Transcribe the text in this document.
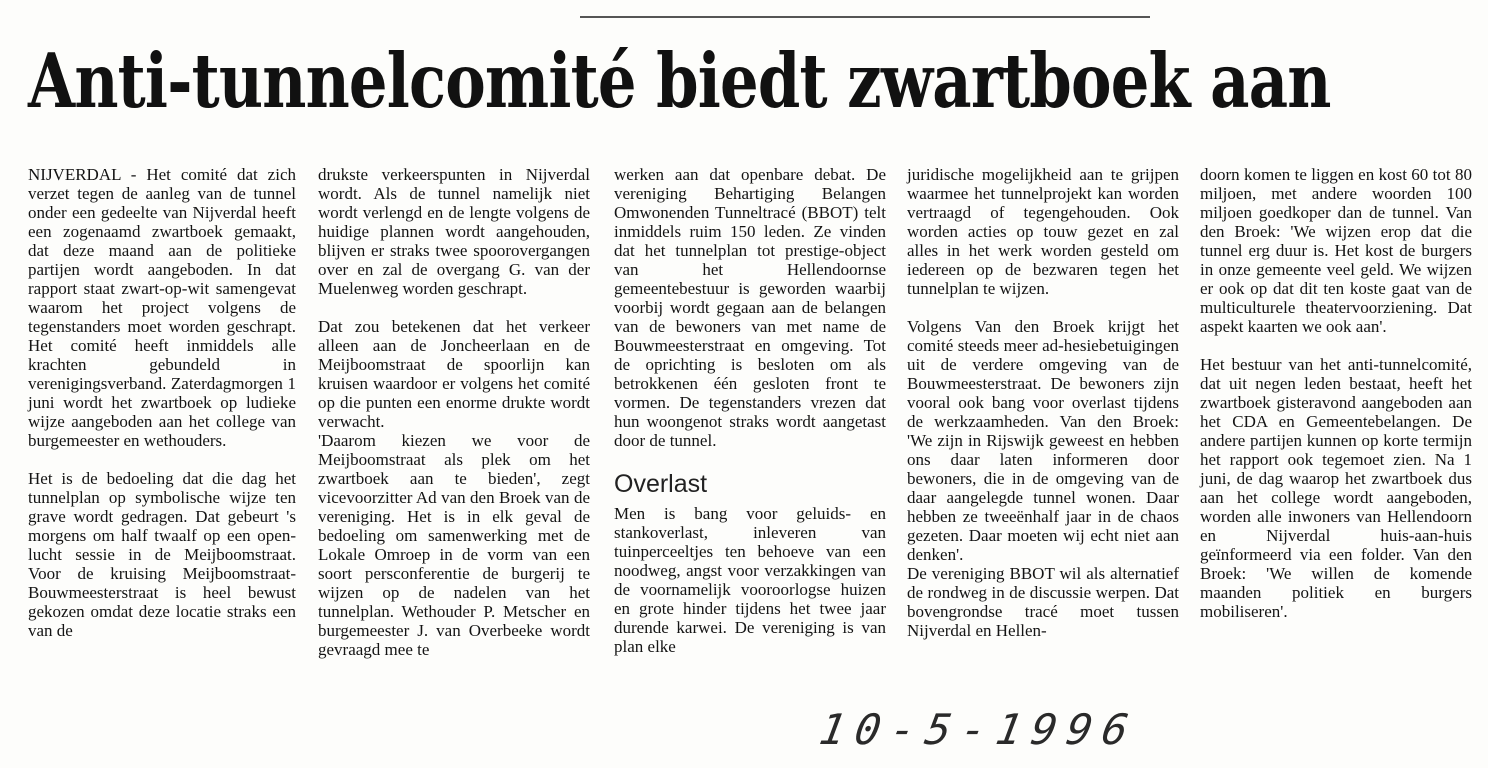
Anti-tunnelcomité biedt zwartboek aan

NIJVERDAL - Het comité dat zich verzet tegen de aanleg van de tunnel onder een gedeelte van Nijverdal heeft een zogenaamd zwartboek gemaakt, dat deze maand aan de politieke partijen wordt aangeboden. In dat rapport staat zwart-op-wit samengevat waarom het project volgens de tegenstanders moet worden geschrapt. Het comité heeft inmiddels alle krachten gebundeld in verenigingsverband. Zaterdagmorgen 1 juni wordt het zwartboek op ludieke wijze aangeboden aan het college van burgemeester en wethouders.

Het is de bedoeling dat die dag het tunnelplan op symbolische wijze ten grave wordt gedragen. Dat gebeurt 's morgens om half twaalf op een open-lucht sessie in de Meijboomstraat. Voor de kruising Meijboomstraat-Bouwmeesterstraat is heel bewust gekozen omdat deze locatie straks een van de

drukste verkeerspunten in Nijverdal wordt. Als de tunnel namelijk niet wordt verlengd en de lengte volgens de huidige plannen wordt aangehouden, blijven er straks twee spoorovergangen over en zal de overgang G. van der Muelenweg worden geschrapt.

Dat zou betekenen dat het verkeer alleen aan de Joncheerlaan en de Meijboomstraat de spoorlijn kan kruisen waardoor er volgens het comité op die punten een enorme drukte wordt verwacht.

'Daarom kiezen we voor de Meijboomstraat als plek om het zwartboek aan te bieden', zegt vicevoorzitter Ad van den Broek van de vereniging. Het is in elk geval de bedoeling om samenwerking met de Lokale Omroep in de vorm van een soort persconferentie de burgerij te wijzen op de nadelen van het tunnelplan. Wethouder P. Metscher en burgemeester J. van Overbeeke wordt gevraagd mee te

werken aan dat openbare debat. De vereniging Behartiging Belangen Omwonenden Tunneltracé (BBOT) telt inmiddels ruim 150 leden. Ze vinden dat het tunnelplan tot prestige-object van het Hellendoornse gemeentebestuur is geworden waarbij voorbij wordt gegaan aan de belangen van de bewoners van met name de Bouwmeesterstraat en omgeving. Tot de oprichting is besloten om als betrokkenen één gesloten front te vormen. De tegenstanders vrezen dat hun woongenot straks wordt aangetast door de tunnel.

Overlast

Men is bang voor geluids- en stankoverlast, inleveren van tuinperceeltjes ten behoeve van een noodweg, angst voor verzakkingen van de voornamelijk vooroorlogse huizen en grote hinder tijdens het twee jaar durende karwei. De vereniging is van plan elke

juridische mogelijkheid aan te grijpen waarmee het tunnelprojekt kan worden vertraagd of tegengehouden. Ook worden acties op touw gezet en zal alles in het werk worden gesteld om iedereen op de bezwaren tegen het tunnelplan te wijzen.

Volgens Van den Broek krijgt het comité steeds meer ad-hesiebetuigingen uit de verdere omgeving van de Bouwmeesterstraat. De bewoners zijn vooral ook bang voor overlast tijdens de werkzaamheden. Van den Broek: 'We zijn in Rijswijk geweest en hebben ons daar laten informeren door bewoners, die in de omgeving van de daar aangelegde tunnel wonen. Daar hebben ze tweeënhalf jaar in de chaos gezeten. Daar moeten wij echt niet aan denken'.

De vereniging BBOT wil als alternatief de rondweg in de discussie werpen. Dat bovengrondse tracé moet tussen Nijverdal en Hellen-

doorn komen te liggen en kost 60 tot 80 miljoen, met andere woorden 100 miljoen goedkoper dan de tunnel. Van den Broek: 'We wijzen erop dat die tunnel erg duur is. Het kost de burgers in onze gemeente veel geld. We wijzen er ook op dat dit ten koste gaat van de multiculturele theatervoorziening. Dat aspekt kaarten we ook aan'.

Het bestuur van het anti-tunnelcomité, dat uit negen leden bestaat, heeft het zwartboek gisteravond aangeboden aan het CDA en Gemeentebelangen. De andere partijen kunnen op korte termijn het rapport ook tegemoet zien. Na 1 juni, de dag waarop het zwartboek dus aan het college wordt aangeboden, worden alle inwoners van Hellendoorn en Nijverdal huis-aan-huis geïnformeerd via een folder. Van den Broek: 'We willen de komende maanden politiek en burgers mobiliseren'.

10-5-1996
